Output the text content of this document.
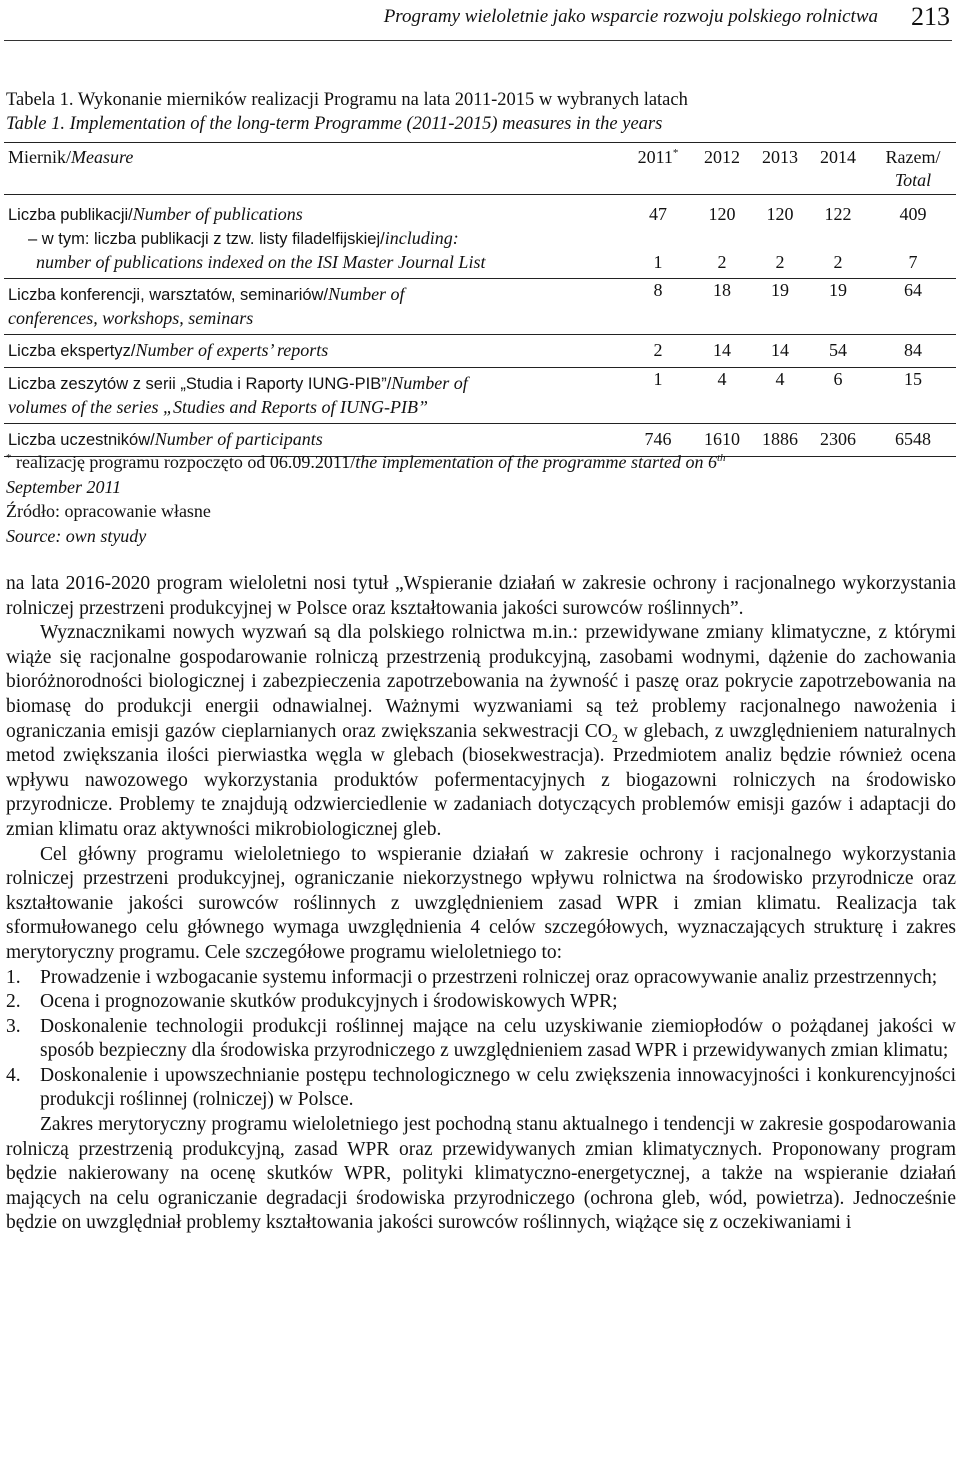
Programy wieloletnie jako wsparcie rozwoju polskiego rolnictwa 213
Tabela 1. Wykonanie mierników realizacji Programu na lata 2011-2015 w wybranych latach
Table 1. Implementation of the long-term Programme (2011-2015) measures in the years
Miernik/Measure	2011*	2012	2013	2014	Razem/
Total

Liczba publikacji/Number of publications	47	120	120	122	409

– w tym: liczba publikacji z tzw. listy filadelfijskiej/including:
number of publications indexed on the ISI Master Journal List	1	2	2	2	7

Liczba konferencji, warsztatów, seminariów/Number of
conferences, workshops, seminars	8	18	19	19	64
Liczba ekspertyz/Number of experts’ reports	2	14	14	54	84

Liczba zeszytów z serii „Studia i Raporty IUNG-PIB”/Number of
volumes of the series „Studies and Reports of IUNG-PIB”	1	4	4	6	15
Liczba uczestników/Number of participants	746	1610	1886	2306	6548
* realizację programu rozpoczęto od 06.09.2011/the implementation of the programme started on 6th
September 2011
Źródło: opracowanie własne
Source: own styudy

na lata 2016-2020 program wieloletni nosi tytuł „Wspieranie działań w zakresie ochrony i racjonalnego wykorzystania rolniczej przestrzeni produkcyjnej w Polsce oraz kształtowania jakości surowców roślinnych”.

Wyznacznikami nowych wyzwań są dla polskiego rolnictwa m.in.: przewidywane zmiany klimatyczne, z którymi wiąże się racjonalne gospodarowanie rolniczą przestrzenią produkcyjną, zasobami wodnymi, dążenie do zachowania bioróżnorodności biologicznej i zabezpieczenia zapotrzebowania na żywność i paszę oraz pokrycie zapotrzebowania na biomasę do produkcji energii odnawialnej. Ważnymi wyzwaniami są też problemy racjonalnego nawożenia i ograniczania emisji gazów cieplarnianych oraz zwiększania sekwestracji $CO_2$ w glebach, z uwzględnieniem naturalnych metod zwiększania ilości pierwiastka węgla w glebach (biosekwestracja). Przedmiotem analiz będzie również ocena wpływu nawozowego wykorzystania produktów pofermentacyjnych z biogazowni rolniczych na środowisko przyrodnicze. Problemy te znajdują odzwierciedlenie w zadaniach dotyczących problemów emisji gazów i adaptacji do zmian klimatu oraz aktywności mikrobiologicznej gleb.

Cel główny programu wieloletniego to wspieranie działań w zakresie ochrony i racjonalnego wykorzystania rolniczej przestrzeni produkcyjnej, ograniczanie niekorzystnego wpływu rolnictwa na środowisko przyrodnicze oraz kształtowanie jakości surowców roślinnych z uwzględnieniem zasad WPR i zmian klimatu. Realizacja tak sformułowanego celu głównego wymaga uwzględnienia 4 celów szczegółowych, wyznaczających strukturę i zakres merytoryczny programu. Cele szczegółowe programu wieloletniego to:

1. Prowadzenie i wzbogacanie systemu informacji o przestrzeni rolniczej oraz opracowywanie analiz przestrzennych;
2. Ocena i prognozowanie skutków produkcyjnych i środowiskowych WPR;
3. Doskonalenie technologii produkcji roślinnej mające na celu uzyskiwanie ziemiopłodów o pożądanej jakości w sposób bezpieczny dla środowiska przyrodniczego z uwzględnieniem zasad WPR i przewidywanych zmian klimatu;
4. Doskonalenie i upowszechnianie postępu technologicznego w celu zwiększenia innowacyjności i konkurencyjności produkcji roślinnej (rolniczej) w Polsce.

Zakres merytoryczny programu wieloletniego jest pochodną stanu aktualnego i tendencji w zakresie gospodarowania rolniczą przestrzenią produkcyjną, zasad WPR oraz przewidywanych zmian klimatycznych. Proponowany program będzie nakierowany na ocenę skutków WPR, polityki klimatyczno-energetycznej, a także na wspieranie działań mających na celu ograniczanie degradacji środowiska przyrodniczego (ochrona gleb, wód, powietrza). Jednocześnie będzie on uwzględniał problemy kształtowania jakości surowców roślinnych, wiążące się z oczekiwaniami i
